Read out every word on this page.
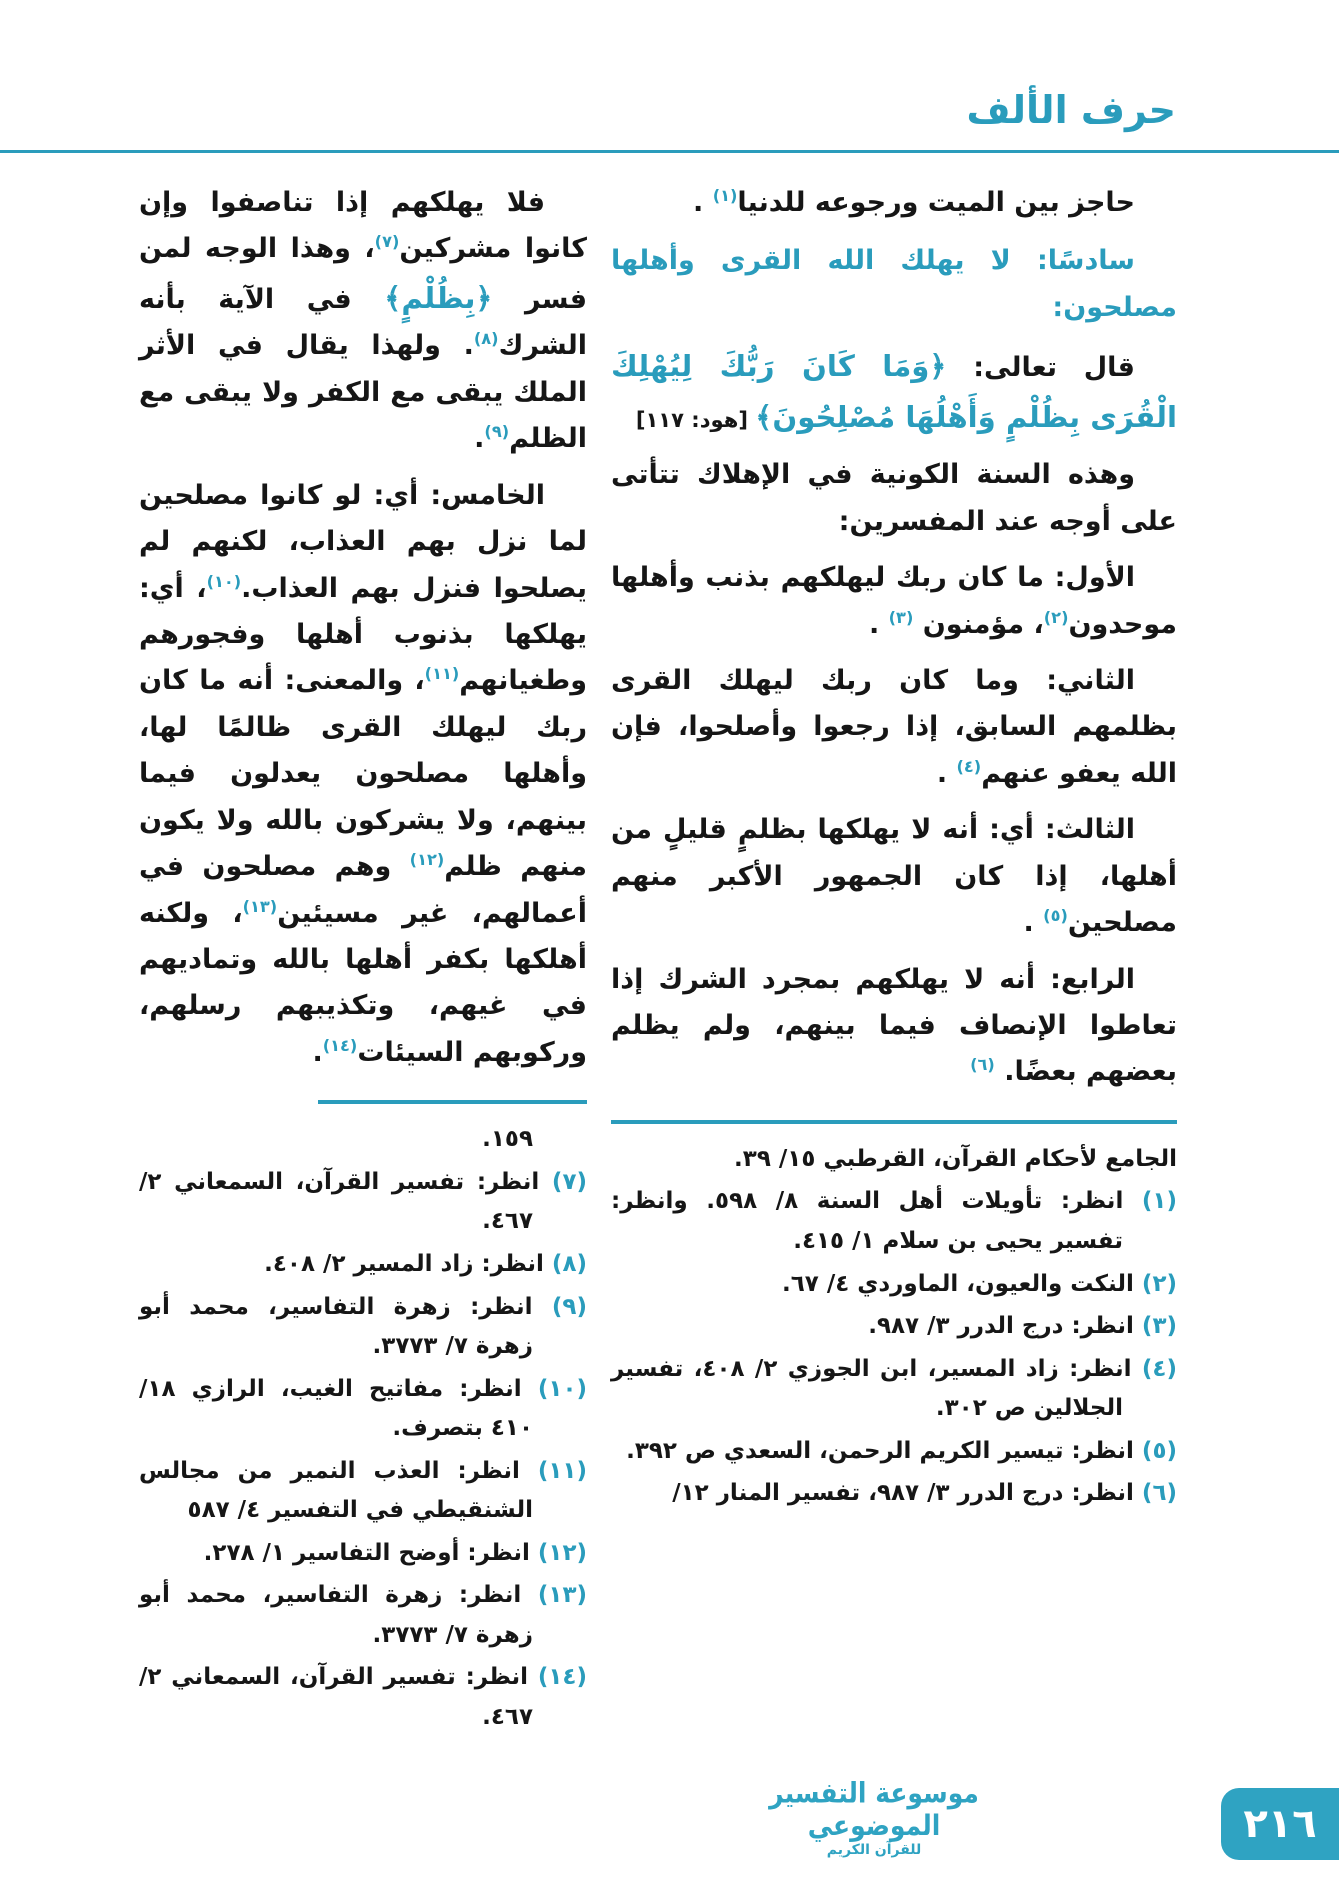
حرف الألف

حاجز بين الميت ورجوعه للدنيا$^{(١)}$ .

سادسًا: لا يهلك الله القرى وأهلها مصلحون:

قال تعالى: ﴿وَمَا كَانَ رَبُّكَ لِيُهْلِكَ الْقُرَى بِظُلْمٍ وَأَهْلُهَا مُصْلِحُونَ﴾ [هود: ١١٧]

وهذه السنة الكونية في الإهلاك تتأتى على أوجه عند المفسرين:

الأول: ما كان ربك ليهلكهم بذنب وأهلها موحدون$^{(٢)}$، مؤمنون $^{(٣)}$ .

الثاني: وما كان ربك ليهلك القرى بظلمهم السابق، إذا رجعوا وأصلحوا، فإن الله يعفو عنهم$^{(٤)}$ .

الثالث: أي: أنه لا يهلكها بظلمٍ قليلٍ من أهلها، إذا كان الجمهور الأكبر منهم مصلحين$^{(٥)}$ .

الرابع: أنه لا يهلكهم بمجرد الشرك إذا تعاطوا الإنصاف فيما بينهم، ولم يظلم بعضهم بعضًا. $^{(٦)}$

الجامع لأحكام القرآن، القرطبي ١٥/ ٣٩.
(١) انظر: تأويلات أهل السنة ٨/ ٥٩٨. وانظر: تفسير يحيى بن سلام ١/ ٤١٥.
(٢) النكت والعيون، الماوردي ٤/ ٦٧.
(٣) انظر: درج الدرر ٣/ ٩٨٧.
(٤) انظر: زاد المسير، ابن الجوزي ٢/ ٤٠٨، تفسير الجلالين ص ٣٠٢.
(٥) انظر: تيسير الكريم الرحمن، السعدي ص ٣٩٢.
(٦) انظر: درج الدرر ٣/ ٩٨٧، تفسير المنار ١٢/

فلا يهلكهم إذا تناصفوا وإن كانوا مشركين$^{(٧)}$، وهذا الوجه لمن فسر ﴿بِظُلْمٍ﴾ في الآية بأنه الشرك$^{(٨)}$. ولهذا يقال في الأثر الملك يبقى مع الكفر ولا يبقى مع الظلم$^{(٩)}$.

الخامس: أي: لو كانوا مصلحين لما نزل بهم العذاب، لكنهم لم يصلحوا فنزل بهم العذاب.$^{(١٠)}$، أي: يهلكها بذنوب أهلها وفجورهم وطغيانهم$^{(١١)}$، والمعنى: أنه ما كان ربك ليهلك القرى ظالمًا لها، وأهلها مصلحون يعدلون فيما بينهم، ولا يشركون بالله ولا يكون منهم ظلم$^{(١٢)}$ وهم مصلحون في أعمالهم، غير مسيئين$^{(١٣)}$، ولكنه أهلكها بكفر أهلها بالله وتماديهم في غيهم، وتكذيبهم رسلهم، وركوبهم السيئات$^{(١٤)}$.

١٥٩.
(٧) انظر: تفسير القرآن، السمعاني ٢/ ٤٦٧.
(٨) انظر: زاد المسير ٢/ ٤٠٨.
(٩) انظر: زهرة التفاسير، محمد أبو زهرة ٧/ ٣٧٧٣.
(١٠) انظر: مفاتيح الغيب، الرازي ١٨/ ٤١٠ بتصرف.
(١١) انظر: العذب النمير من مجالس الشنقيطي في التفسير ٤/ ٥٨٧
(١٢) انظر: أوضح التفاسير ١/ ٢٧٨.
(١٣) انظر: زهرة التفاسير، محمد أبو زهرة ٧/ ٣٧٧٣.
(١٤) انظر: تفسير القرآن، السمعاني ٢/ ٤٦٧.
موسوعة التفسير الموضوعي
للقرآن الكريم
٢١٦
